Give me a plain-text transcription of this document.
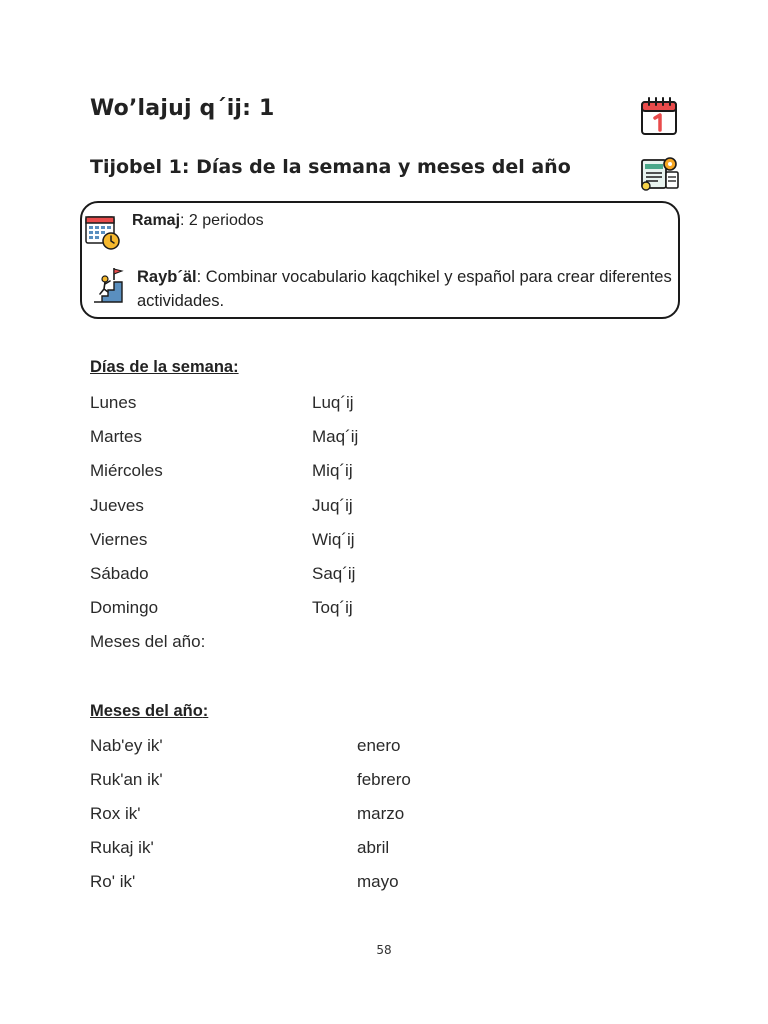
Wo’lajuj q´ij: 1
Tijobel 1: Días de la semana y meses del año
Ramaj: 2 periodos
Rayb´äl: Combinar vocabulario kaqchikel y español para crear diferentes actividades.
Días de la semana:
Lunes	Luq´ij
Martes	Maq´ij
Miércoles	Miq´ij
Jueves	Juq´ij
Viernes	Wiq´ij
Sábado	Saq´ij
Domingo	Toq´ij
Meses del año:
Meses del año:
Nab'ey ik'	enero
Ruk'an ik'	febrero
Rox ik'	marzo
Rukaj ik'	abril
Ro' ik'	mayo
58
